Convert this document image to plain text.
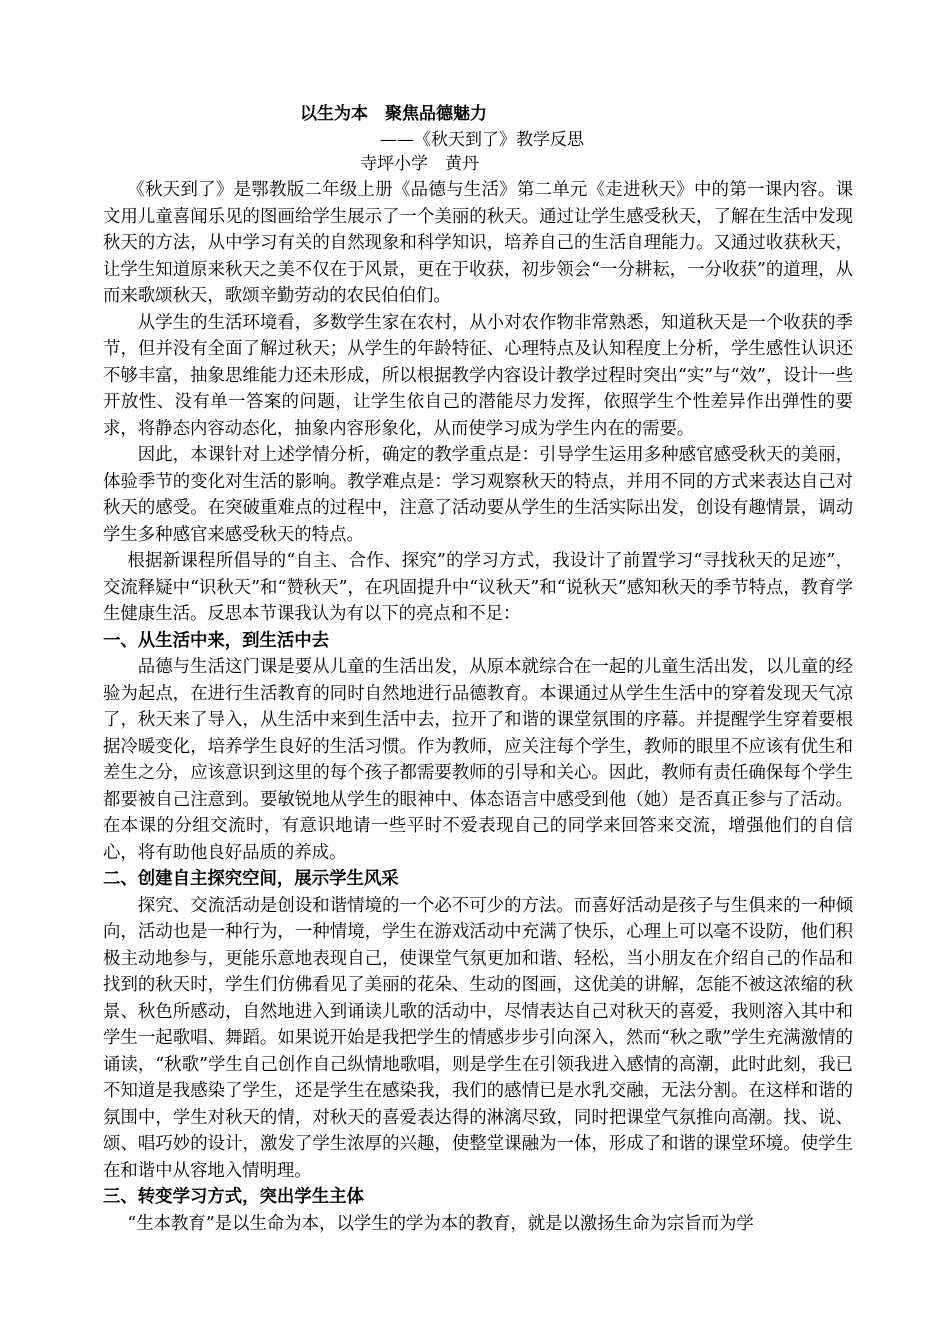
以生为本　聚焦品德魅力
——《秋天到了》教学反思
寺坪小学　黄丹

《秋天到了》是鄂教版二年级上册《品德与生活》第二单元《走进秋天》中的第一课内容。课文用儿童喜闻乐见的图画给学生展示了一个美丽的秋天。通过让学生感受秋天，了解在生活中发现秋天的方法，从中学习有关的自然现象和科学知识，培养自己的生活自理能力。又通过收获秋天，让学生知道原来秋天之美不仅在于风景，更在于收获，初步领会“一分耕耘，一分收获”的道理，从而来歌颂秋天，歌颂辛勤劳动的农民伯伯们。

从学生的生活环境看，多数学生家在农村，从小对农作物非常熟悉，知道秋天是一个收获的季节，但并没有全面了解过秋天；从学生的年龄特征、心理特点及认知程度上分析，学生感性认识还不够丰富，抽象思维能力还未形成，所以根据教学内容设计教学过程时突出“实”与“效”，设计一些开放性、没有单一答案的问题，让学生依自己的潜能尽力发挥，依照学生个性差异作出弹性的要求，将静态内容动态化，抽象内容形象化，从而使学习成为学生内在的需要。

因此，本课针对上述学情分析，确定的教学重点是：引导学生运用多种感官感受秋天的美丽，体验季节的变化对生活的影响。教学难点是：学习观察秋天的特点，并用不同的方式来表达自己对秋天的感受。在突破重难点的过程中，注意了活动要从学生的生活实际出发，创设有趣情景，调动学生多种感官来感受秋天的特点。

根据新课程所倡导的“自主、合作、探究”的学习方式，我设计了前置学习“寻找秋天的足迹”，交流释疑中“识秋天”和“赞秋天”，在巩固提升中“议秋天”和“说秋天”感知秋天的季节特点，教育学生健康生活。反思本节课我认为有以下的亮点和不足：

一、从生活中来，到生活中去

品德与生活这门课是要从儿童的生活出发，从原本就综合在一起的儿童生活出发，以儿童的经验为起点，在进行生活教育的同时自然地进行品德教育。本课通过从学生生活中的穿着发现天气凉了，秋天来了导入，从生活中来到生活中去，拉开了和谐的课堂氛围的序幕。并提醒学生穿着要根据冷暖变化，培养学生良好的生活习惯。作为教师，应关注每个学生，教师的眼里不应该有优生和差生之分，应该意识到这里的每个孩子都需要教师的引导和关心。因此，教师有责任确保每个学生都要被自己注意到。要敏锐地从学生的眼神中、体态语言中感受到他（她）是否真正参与了活动。在本课的分组交流时，有意识地请一些平时不爱表现自己的同学来回答来交流，增强他们的自信心，将有助他良好品质的养成。

二、创建自主探究空间，展示学生风采

探究、交流活动是创设和谐情境的一个必不可少的方法。而喜好活动是孩子与生俱来的一种倾向，活动也是一种行为，一种情境，学生在游戏活动中充满了快乐，心理上可以毫不设防，他们积极主动地参与，更能乐意地表现自己，使课堂气氛更加和谐、轻松，当小朋友在介绍自己的作品和找到的秋天时，学生们仿佛看见了美丽的花朵、生动的图画，这优美的讲解，怎能不被这浓缩的秋景、秋色所感动，自然地进入到诵读儿歌的活动中，尽情表达自己对秋天的喜爱，我则溶入其中和学生一起歌唱、舞蹈。如果说开始是我把学生的情感步步引向深入，然而“秋之歌”学生充满激情的诵读，“秋歌”学生自己创作自己纵情地歌唱，则是学生在引领我进入感情的高潮，此时此刻，我已不知道是我感染了学生，还是学生在感染我，我们的感情已是水乳交融，无法分割。在这样和谐的氛围中，学生对秋天的情，对秋天的喜爱表达得的淋漓尽致，同时把课堂气氛推向高潮。找、说、颂、唱巧妙的设计，激发了学生浓厚的兴趣，使整堂课融为一体，形成了和谐的课堂环境。使学生在和谐中从容地入情明理。

三、转变学习方式，突出学生主体

“生本教育”是以生命为本，以学生的学为本的教育，就是以激扬生命为宗旨而为学
